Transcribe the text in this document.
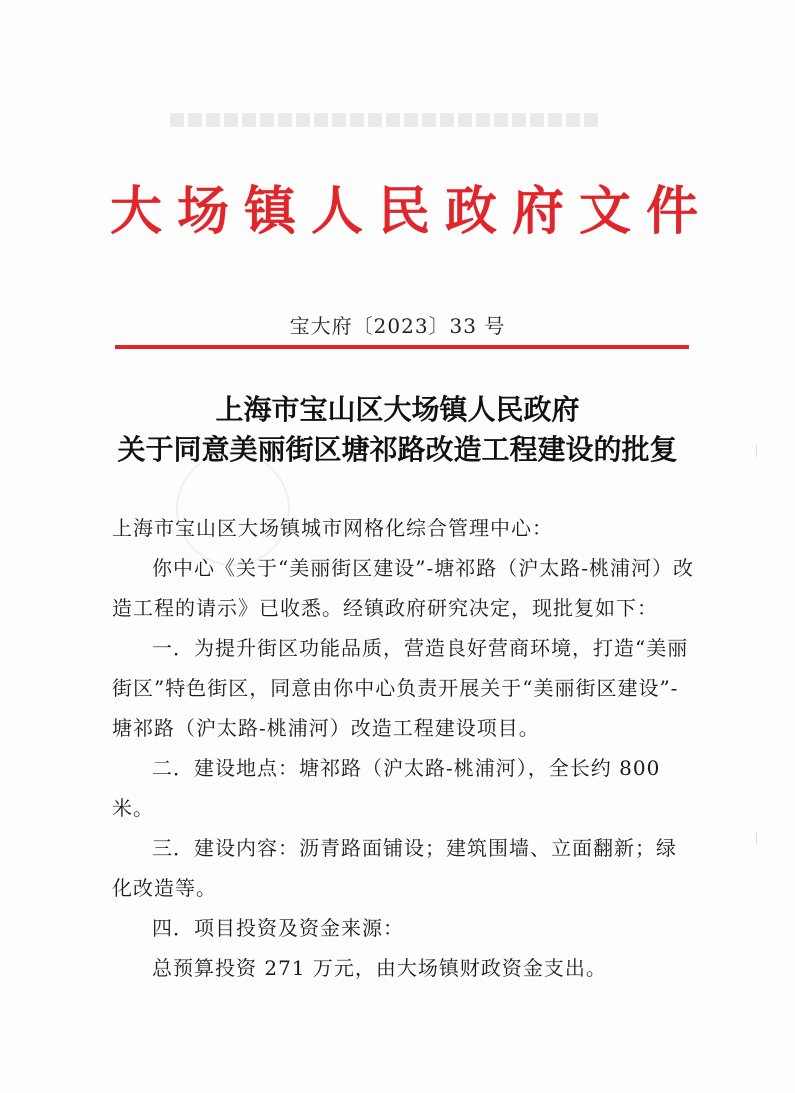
大场镇人民政府文件
宝大府〔2023〕33 号
上海市宝山区大场镇人民政府
关于同意美丽街区塘祁路改造工程建设的批复

上海市宝山区大场镇城市网格化综合管理中心：

你中心《关于“美丽街区建设”-塘祁路（沪太路-桃浦河）改造工程的请示》已收悉。经镇政府研究决定，现批复如下：

一．为提升街区功能品质，营造良好营商环境，打造“美丽街区”特色街区，同意由你中心负责开展关于“美丽街区建设”-塘祁路（沪太路-桃浦河）改造工程建设项目。

二．建设地点：塘祁路（沪太路-桃浦河），全长约 800 米。

三．建设内容：沥青路面铺设；建筑围墙、立面翻新；绿化改造等。

四．项目投资及资金来源：

总预算投资 271 万元，由大场镇财政资金支出。
